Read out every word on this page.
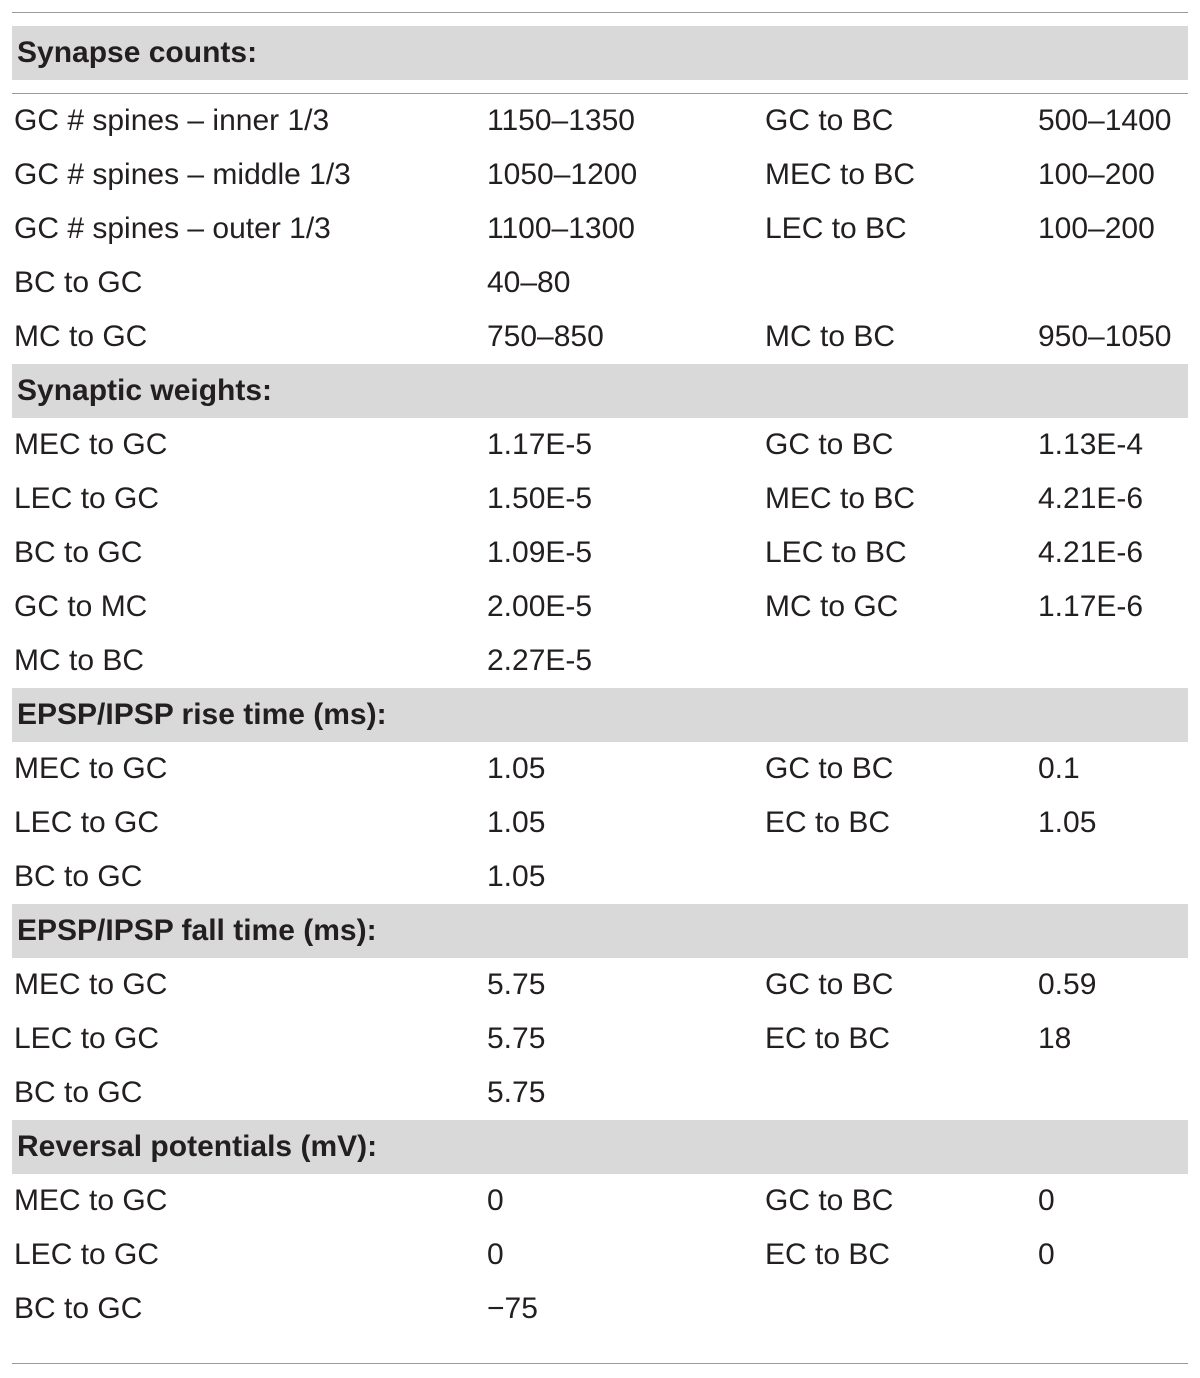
Synapse counts:			

GC # spines – inner 1/3	1150–1350	GC to BC	500–1400
GC # spines – middle 1/3	1050–1200	MEC to BC	100–200
GC # spines – outer 1/3	1100–1300	LEC to BC	100–200
BC to GC	40–80		
MC to GC	750–850	MC to BC	950–1050
Synaptic weights:			
MEC to GC	1.17E-5	GC to BC	1.13E-4
LEC to GC	1.50E-5	MEC to BC	4.21E-6
BC to GC	1.09E-5	LEC to BC	4.21E-6
GC to MC	2.00E-5	MC to GC	1.17E-6
MC to BC	2.27E-5		
EPSP/IPSP rise time (ms):			
MEC to GC	1.05	GC to BC	0.1
LEC to GC	1.05	EC to BC	1.05
BC to GC	1.05		
EPSP/IPSP fall time (ms):			
MEC to GC	5.75	GC to BC	0.59
LEC to GC	5.75	EC to BC	18
BC to GC	5.75		
Reversal potentials (mV):			
MEC to GC	0	GC to BC	0
LEC to GC	0	EC to BC	0
BC to GC	−75		
